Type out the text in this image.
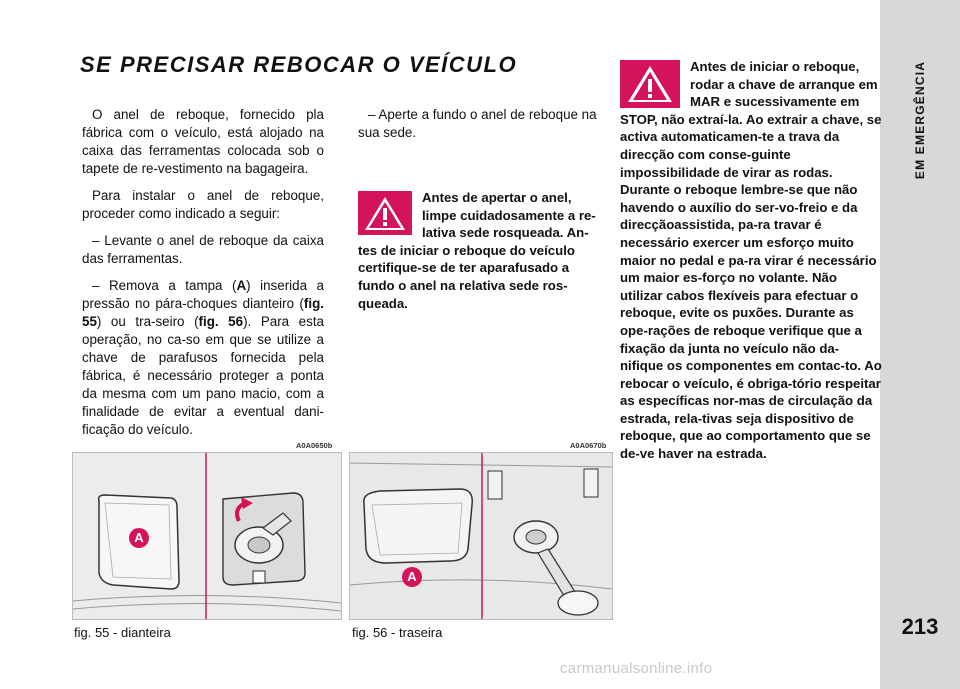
EM EMERGÊNCIA
213
SE PRECISAR REBOCAR O VEÍCULO

O anel de reboque, fornecido pla fábrica com o veículo, está alojado na caixa das ferramentas colocada sob o tapete de re-vestimento na bagageira.

Para instalar o anel de reboque, proceder como indicado a seguir:

– Levante o anel de reboque da caixa das ferramentas.

– Remova a tampa (A) inserida a pressão no pára-choques dianteiro (fig. 55) ou tra-seiro (fig. 56). Para esta operação, no ca-so em que se utilize a chave de parafusos fornecida pela fábrica, é necessário proteger a ponta da mesma com um pano macio, com a finalidade de evitar a eventual dani-ficação do veículo.

– Aperte a fundo o anel de reboque na sua sede.

Antes de apertar o anel, limpe cuidadosamente a re-lativa sede rosqueada. An-tes de iniciar o reboque do veículo certifique-se de ter aparafusado a fundo o anel na relativa sede ros-queada.
Antes de iniciar o reboque, rodar a chave de arranque em MAR e sucessivamente em STOP, não extraí-la. Ao extrair a chave, se activa automaticamen-te a trava da direcção com conse-guinte impossibilidade de virar as rodas. Durante o reboque lembre-se que não havendo o auxílio do ser-vo-freio e da direcçãoassistida, pa-ra travar é necessário exercer um esforço muito maior no pedal e pa-ra virar é necessário um maior es-forço no volante. Não utilizar cabos flexíveis para efectuar o reboque, evite os puxões. Durante as ope-rações de reboque verifique que a fixação da junta no veículo não da-nifique os componentes em contac-to. Ao rebocar o veículo, é obriga-tório respeitar as específicas nor-mas de circulação da estrada, rela-tivas seja dispositivo de reboque, que ao comportamento que se de-ve haver na estrada.
A0A0650b
A
fig. 55 - dianteira
A0A0670b
A
fig. 56 - traseira
carmanualsonline.info
